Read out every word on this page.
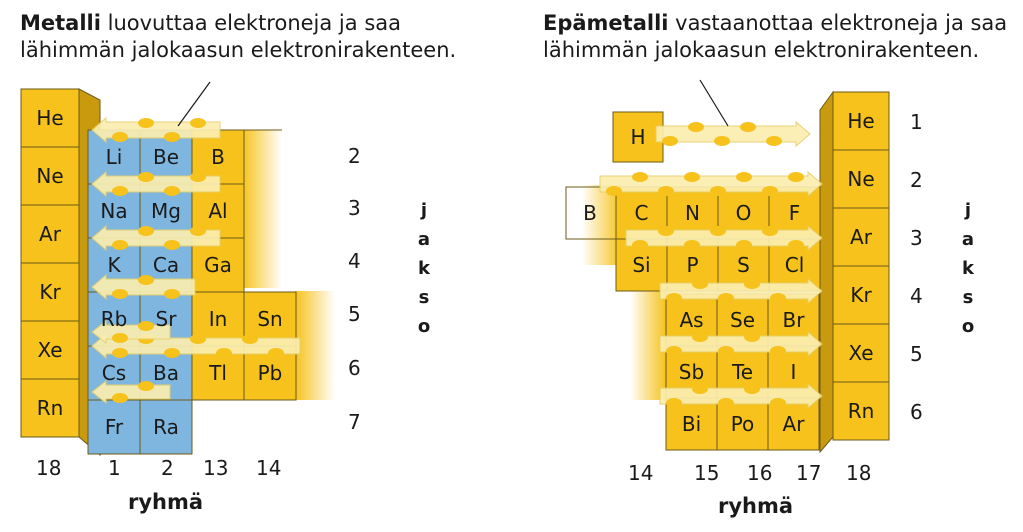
Metalli luovuttaa elektroneja ja saa
lähimmän jalokaasun elektronirakenteen.
Epämetalli vastaanottaa elektroneja ja saa
lähimmän jalokaasun elektronirakenteen.
He
Ne
Ar
Kr
Xe
Rn
Li Be
Na Mg
K Ca
Rb Sr
Cs Ba
Fr Ra
B
Al
Ga
In
Tl
Sn
Pb
H
B C N O F
Si P S Cl
As Se Br
Sb Te I
Bi Po Ar
He
Ne
Ar
Kr
Xe
Rn
2
3
4
5
6
7
18 1 2 13 14
ryhmä
j
a
k
s
o
1
2
3
4
5
6
14 15 16 17 18
ryhmä
j
a
k
s
o
